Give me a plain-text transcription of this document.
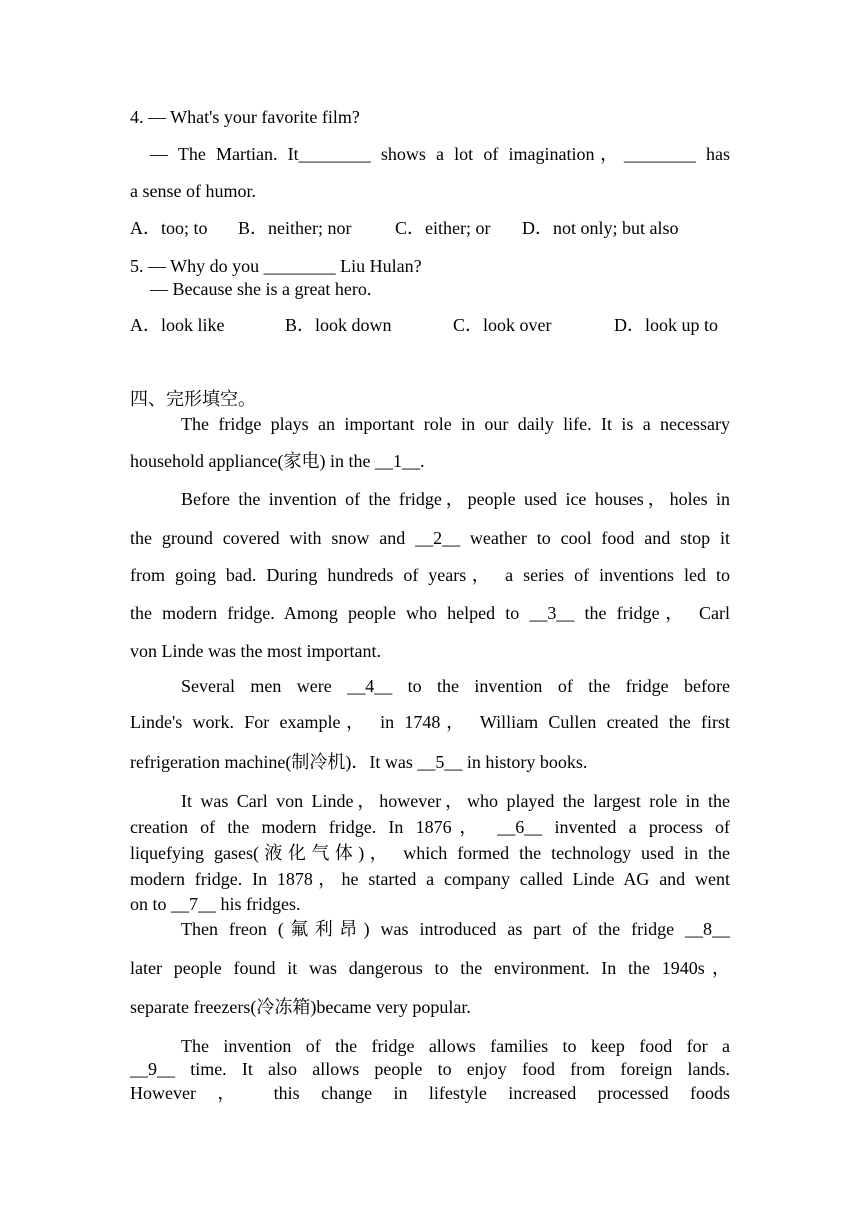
4. — What's your favorite film?
— The Martian. It________ shows a lot of imagination，________ has
a sense of humor.
A．too; to B．neither; nor C．either; or D．not only; but also
5. — Why do you ________ Liu Hulan?
— Because she is a great hero.
A．look like	B．look down	C．look over	D．look up to
四、完形填空。
The fridge plays an important role in our daily life. It is a necessary
household appliance(家电) in the __1__.
Before the invention of the fridge，people used ice houses，holes in
the ground covered with snow and __2__ weather to cool food and stop it
from going bad. During hundreds of years， a series of inventions led to
the modern fridge. Among people who helped to __3__ the fridge， Carl
von Linde was the most important.
Several men were __4__ to the invention of the fridge before
Linde's work. For example， in 1748， William Cullen created the first
refrigeration machine(制冷机)．It was __5__ in history books.
It was Carl von Linde，however，who played the largest role in the
creation of the modern fridge. In 1876， __6__ invented a process of
liquefying gases(液化气体)， which formed the technology used in the
modern fridge. In 1878，he started a company called Linde AG and went
on to __7__ his fridges.
Then freon (氟利昂) was introduced as part of the fridge __8__
later people found it was dangerous to the environment. In the 1940s，
separate freezers(冷冻箱)became very popular.
The invention of the fridge allows families to keep food for a
__9__ time. It also allows people to enjoy food from foreign lands.
However ， this change in lifestyle increased processed foods
